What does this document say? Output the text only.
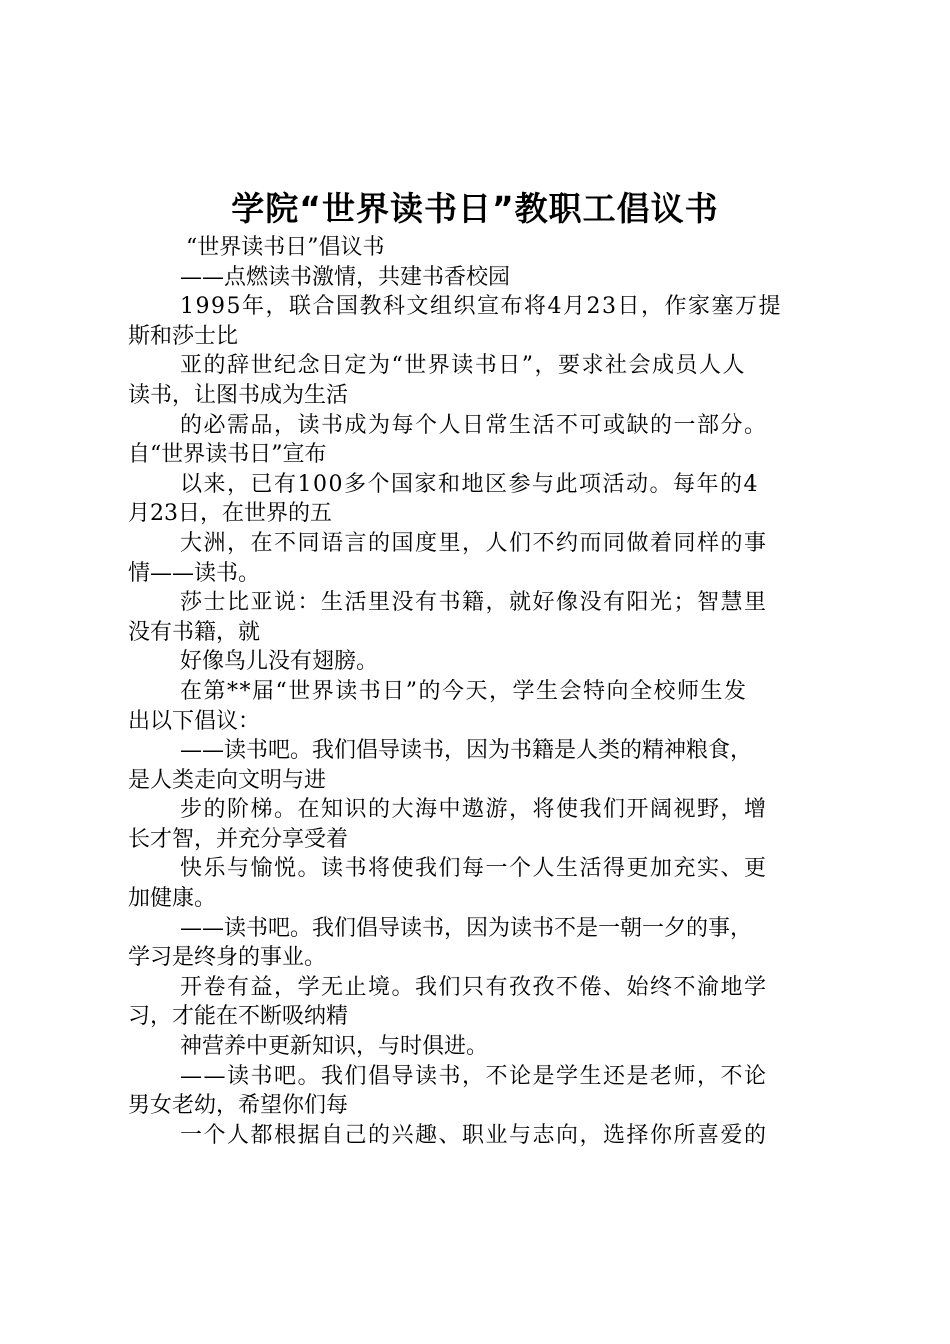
学院“世界读书日”教职工倡议书
“世界读书日”倡议书
——点燃读书激情，共建书香校园
1995年，联合国教科文组织宣布将4月23日，作家塞万提
斯和莎士比
亚的辞世纪念日定为“世界读书日”，要求社会成员人人
读书，让图书成为生活
的必需品，读书成为每个人日常生活不可或缺的一部分。
自“世界读书日”宣布
以来，已有100多个国家和地区参与此项活动。每年的4
月23日，在世界的五
大洲，在不同语言的国度里，人们不约而同做着同样的事
情——读书。
莎士比亚说：生活里没有书籍，就好像没有阳光；智慧里
没有书籍，就
好像鸟儿没有翅膀。
在第**届“世界读书日”的今天，学生会特向全校师生发
出以下倡议：
——读书吧。我们倡导读书，因为书籍是人类的精神粮食，
是人类走向文明与进
步的阶梯。在知识的大海中遨游，将使我们开阔视野，增
长才智，并充分享受着
快乐与愉悦。读书将使我们每一个人生活得更加充实、更
加健康。
——读书吧。我们倡导读书，因为读书不是一朝一夕的事，
学习是终身的事业。
开卷有益，学无止境。我们只有孜孜不倦、始终不渝地学
习，才能在不断吸纳精
神营养中更新知识，与时俱进。
——读书吧。我们倡导读书，不论是学生还是老师，不论
男女老幼，希望你们每
一个人都根据自己的兴趣、职业与志向，选择你所喜爱的
